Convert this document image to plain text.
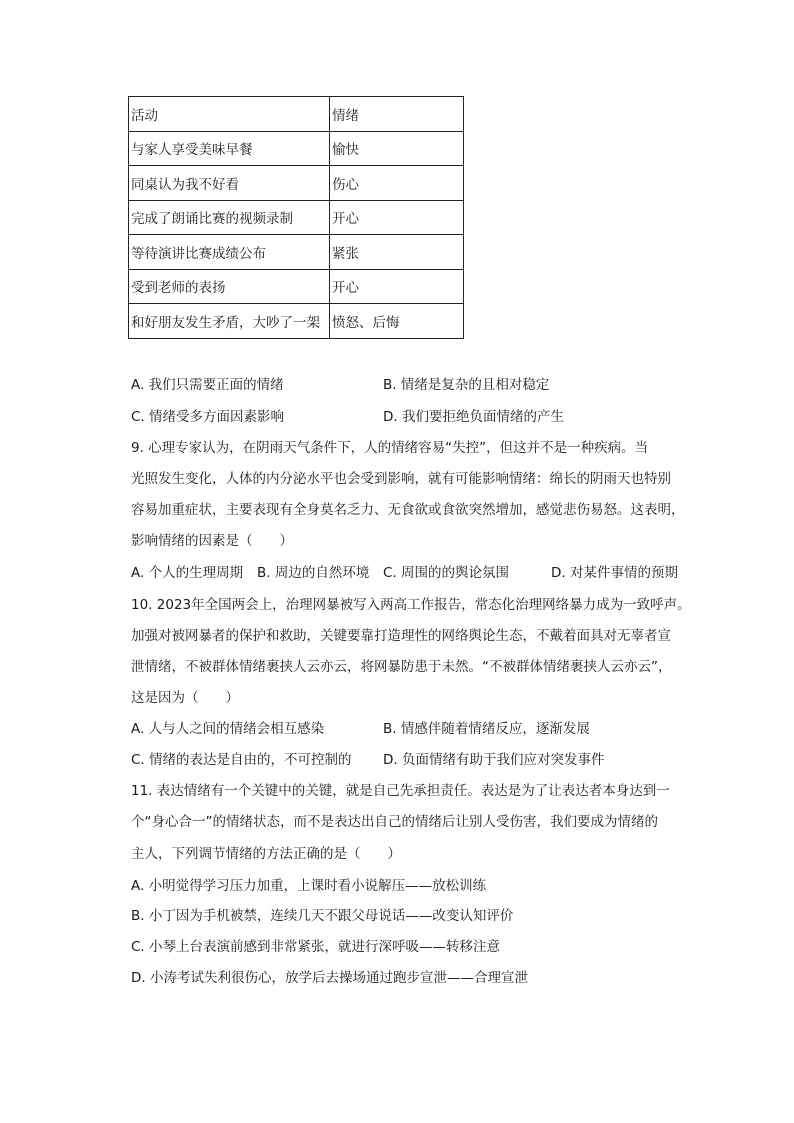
活动	情绪
与家人享受美味早餐	愉快
同桌认为我不好看	伤心
完成了朗诵比赛的视频录制	开心
等待演讲比赛成绩公布	紧张
受到老师的表扬	开心
和好朋友发生矛盾，大吵了一架	愤怒、后悔
A. 我们只需要正面的情绪	B. 情绪是复杂的且相对稳定
C. 情绪受多方面因素影响	D. 我们要拒绝负面情绪的产生
9. 心理专家认为，在阴雨天气条件下，人的情绪容易“失控”，但这并不是一种疾病。当
光照发生变化，人体的内分泌水平也会受到影响，就有可能影响情绪：绵长的阴雨天也特别
容易加重症状，主要表现有全身莫名乏力、无食欲或食欲突然增加，感觉悲伤易怒。这表明，
影响情绪的因素是（　　）
A. 个人的生理周期 B. 周边的自然环境 C. 周围的的舆论氛围	D. 对某件事情的预期
10. 2023年全国两会上，治理网暴被写入两高工作报告，常态化治理网络暴力成为一致呼声。
加强对被网暴者的保护和救助，关键要靠打造理性的网络舆论生态，不戴着面具对无辜者宣
泄情绪，不被群体情绪裹挟人云亦云，将网暴防患于未然。“不被群体情绪裹挟人云亦云”，
这是因为（　　）
A. 人与人之间的情绪会相互感染	B. 情感伴随着情绪反应，逐渐发展
C. 情绪的表达是自由的，不可控制的 D. 负面情绪有助于我们应对突发事件
11. 表达情绪有一个关键中的关键，就是自己先承担责任。表达是为了让表达者本身达到一
个“身心合一”的情绪状态，而不是表达出自己的情绪后让别人受伤害，我们要成为情绪的
主人，下列调节情绪的方法正确的是（　　）
A. 小明觉得学习压力加重，上课时看小说解压——放松训练
B. 小丁因为手机被禁，连续几天不跟父母说话——改变认知评价
C. 小琴上台表演前感到非常紧张，就进行深呼吸——转移注意
D. 小涛考试失利很伤心，放学后去操场通过跑步宣泄——合理宣泄
